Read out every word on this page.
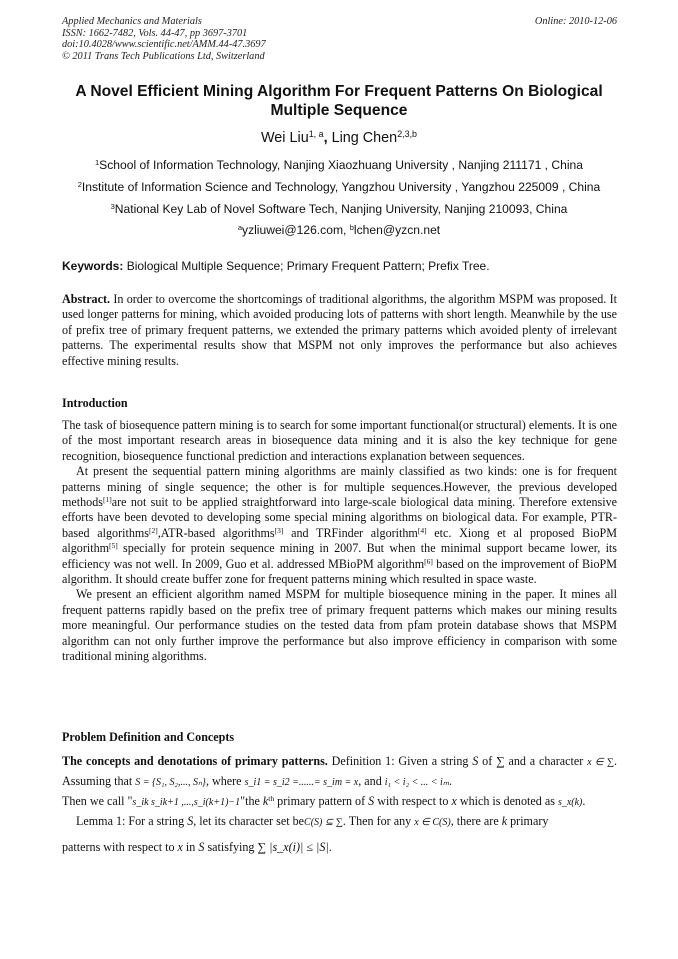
Applied Mechanics and Materials
ISSN: 1662-7482, Vols. 44-47, pp 3697-3701
doi:10.4028/www.scientific.net/AMM.44-47.3697
© 2011 Trans Tech Publications Ltd, Switzerland
Online: 2010-12-06
A Novel Efficient Mining Algorithm For Frequent Patterns On Biological
Multiple Sequence
Wei Liu$^{1, a}$, Ling Chen$^{2,3,b}$
$^1$School of Information Technology, Nanjing Xiaozhuang University , Nanjing 211171 , China
$^2$Institute of Information Science and Technology, Yangzhou University , Yangzhou 225009 , China
$^3$National Key Lab of Novel Software Tech, Nanjing University, Nanjing 210093, China
$^a$yzliuwei@126.com, $^b$lchen@yzcn.net
Keywords: Biological Multiple Sequence; Primary Frequent Pattern; Prefix Tree.

Abstract. In order to overcome the shortcomings of traditional algorithms, the algorithm MSPM was proposed. It used longer patterns for mining, which avoided producing lots of patterns with short length. Meanwhile by the use of prefix tree of primary frequent patterns, we extended the primary patterns which avoided plenty of irrelevant patterns. The experimental results show that MSPM not only improves the performance but also achieves effective mining results.

Introduction

The task of biosequence pattern mining is to search for some important functional(or structural) elements. It is one of the most important research areas in biosequence data mining and it is also the key technique for gene recognition, biosequence functional prediction and interactions explanation between sequences.

At present the sequential pattern mining algorithms are mainly classified as two kinds: one is for frequent patterns mining of single sequence; the other is for multiple sequences.However, the previous developed methods[1]are not suit to be applied straightforward into large-scale biological data mining. Therefore extensive efforts have been devoted to developing some special mining algorithms on biological data. For example, PTR-based algorithms[2],ATR-based algorithms[3] and TRFinder algorithm[4] etc. Xiong et al proposed BioPM algorithm[5] specially for protein sequence mining in 2007. But when the minimal support became lower, its efficiency was not well. In 2009, Guo et al. addressed MBioPM algorithm[6] based on the improvement of BioPM algorithm. It should create buffer zone for frequent patterns mining which resulted in space waste.

We present an efficient algorithm named MSPM for multiple biosequence mining in the paper. It mines all frequent patterns rapidly based on the prefix tree of primary frequent patterns which makes our mining results more meaningful. Our performance studies on the tested data from pfam protein database shows that MSPM algorithm can not only further improve the performance but also improve efficiency in comparison with some traditional mining algorithms.

Problem Definition and Concepts

The concepts and denotations of primary patterns. Definition 1: Given a string S of ∑ and a character x ∈ ∑. Assuming that S = {S₁, S₂,..., Sₙ}, where s_i1 = s_i2 =......= s_im = x, and i₁ < i₂ < ... < iₘ.
Then we call "s_ik s_ik+1 ,...,s_i(k+1)−1"the $k^{th}$ primary pattern of S with respect to x which is denoted as s_x(k).

Lemma 1: For a string S, let its character set beC(S) ⊆ ∑. Then for any x ∈ C(S), there are k primary

patterns with respect to x in S satisfying ∑ |s_x(i)| ≤ |S|.
